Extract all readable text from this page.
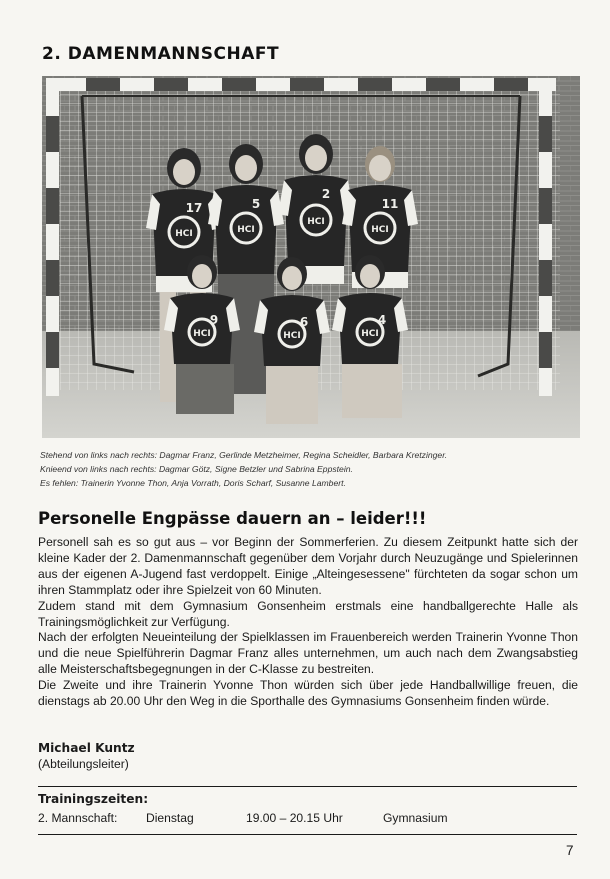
2. DAMENMANNSCHAFT
17	5
2
11
9	6	4
HCI	HCI
HCI
HCI
HCI	HCI	HCI
Stehend von links nach rechts: Dagmar Franz, Gerlinde Metzheimer, Regina Scheidler, Barbara Kretzinger.
Knieend von links nach rechts: Dagmar Götz, Signe Betzler und Sabrina Eppstein.
Es fehlen: Trainerin Yvonne Thon, Anja Vorrath, Doris Scharf, Susanne Lambert.
Personelle Engpässe dauern an – leider!!!

Personell sah es so gut aus – vor Beginn der Sommerferien. Zu diesem Zeitpunkt hatte sich der kleine Kader der 2. Damenmannschaft gegenüber dem Vorjahr durch Neuzugänge und Spielerinnen aus der eigenen A-Jugend fast verdoppelt. Einige „Alteingesessene" fürchteten da sogar schon um ihren Stammplatz oder ihre Spielzeit von 60 Minuten.

Zudem stand mit dem Gymnasium Gonsenheim erstmals eine handballgerechte Halle als Trainingsmöglichkeit zur Verfügung.

Nach der erfolgten Neueinteilung der Spielklassen im Frauenbereich werden Trainerin Yvonne Thon und die neue Spielführerin Dagmar Franz alles unternehmen, um auch nach dem Zwangsabstieg alle Meisterschaftsbegegnungen in der C-Klasse zu bestreiten.

Die Zweite und ihre Trainerin Yvonne Thon würden sich über jede Handballwillige freuen, die dienstags ab 20.00 Uhr den Weg in die Sporthalle des Gymnasiums Gonsenheim finden würde.

Michael Kuntz
(Abteilungsleiter)
Trainingszeiten:
2. Mannschaft: Dienstag	19.00 – 20.15 Uhr	Gymnasium
7
